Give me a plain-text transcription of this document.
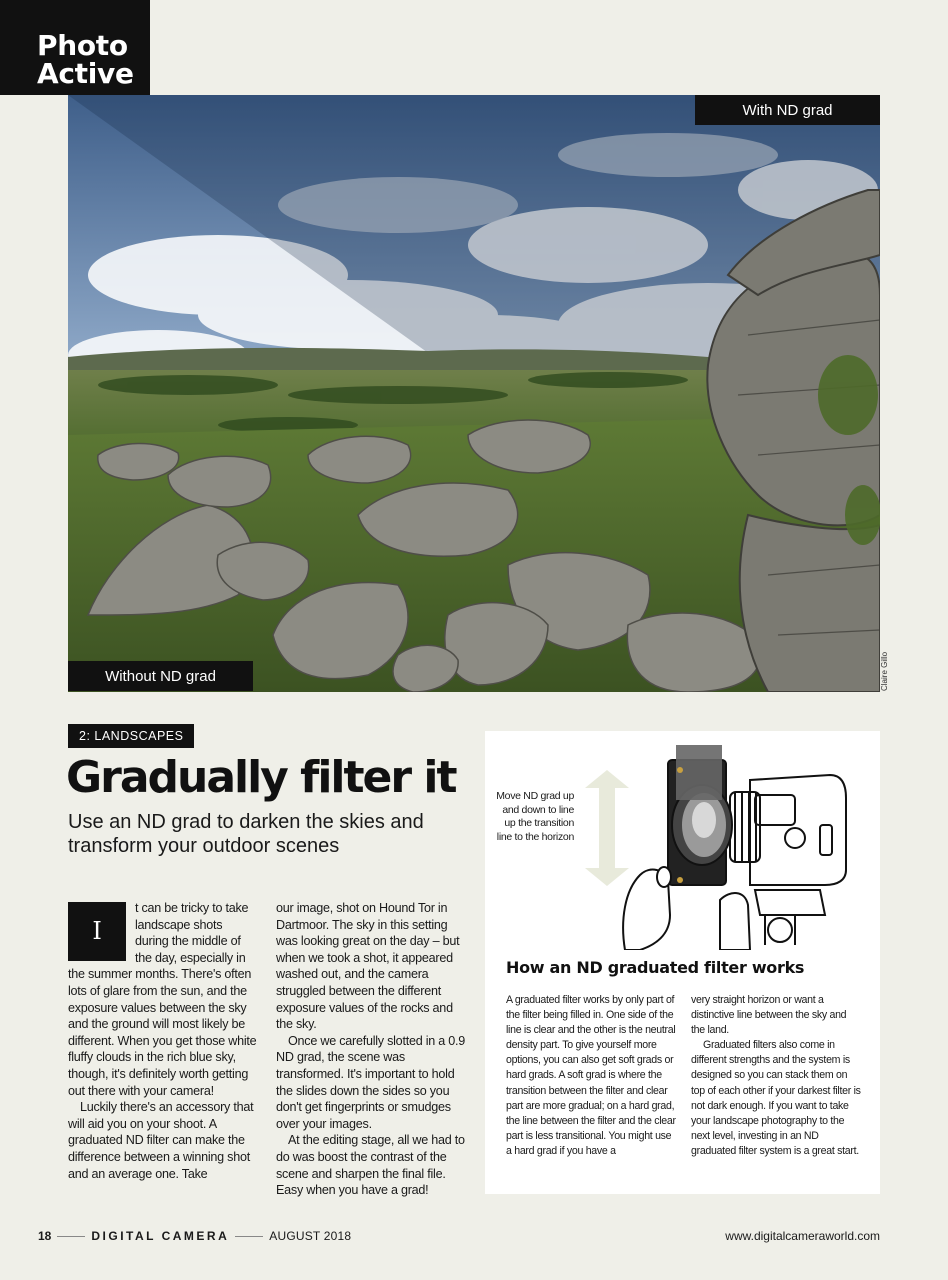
Photo
Active
With ND grad
Without ND grad	Claire Gillo
2: LANDSCAPES
Gradually filter it
Use an ND grad to darken the skies and transform your outdoor scenes
I

t can be tricky to take landscape shots during the middle of the day, especially in the summer months. There's often lots of glare from the sun, and the exposure values between the sky and the ground will most likely be different. When you get those white fluffy clouds in the rich blue sky, though, it's definitely worth getting out there with your camera!

Luckily there's an accessory that will aid you on your shoot. A graduated ND filter can make the difference between a winning shot and an average one. Take

our image, shot on Hound Tor in Dartmoor. The sky in this setting was looking great on the day – but when we took a shot, it appeared washed out, and the camera struggled between the different exposure values of the rocks and the sky.

Once we carefully slotted in a 0.9 ND grad, the scene was transformed. It's important to hold the slides down the sides so you don't get fingerprints or smudges over your images.

At the editing stage, all we had to do was boost the contrast of the scene and sharpen the final file. Easy when you have a grad!

Move ND grad up and down to line up the transition line to the horizon
How an ND graduated filter works

A graduated filter works by only part of the filter being filled in. One side of the line is clear and the other is the neutral density part. To give yourself more options, you can also get soft grads or hard grads. A soft grad is where the transition between the filter and clear part are more gradual; on a hard grad, the line between the filter and the clear part is less transitional. You might use a hard grad if you have a

very straight horizon or want a distinctive line between the sky and the land.

Graduated filters also come in different strengths and the system is designed so you can stack them on top of each other if your darkest filter is not dark enough. If you want to take your landscape photography to the next level, investing in an ND graduated filter system is a great start.

18	DIGITAL CAMERA	AUGUST 2018	www.digitalcameraworld.com
